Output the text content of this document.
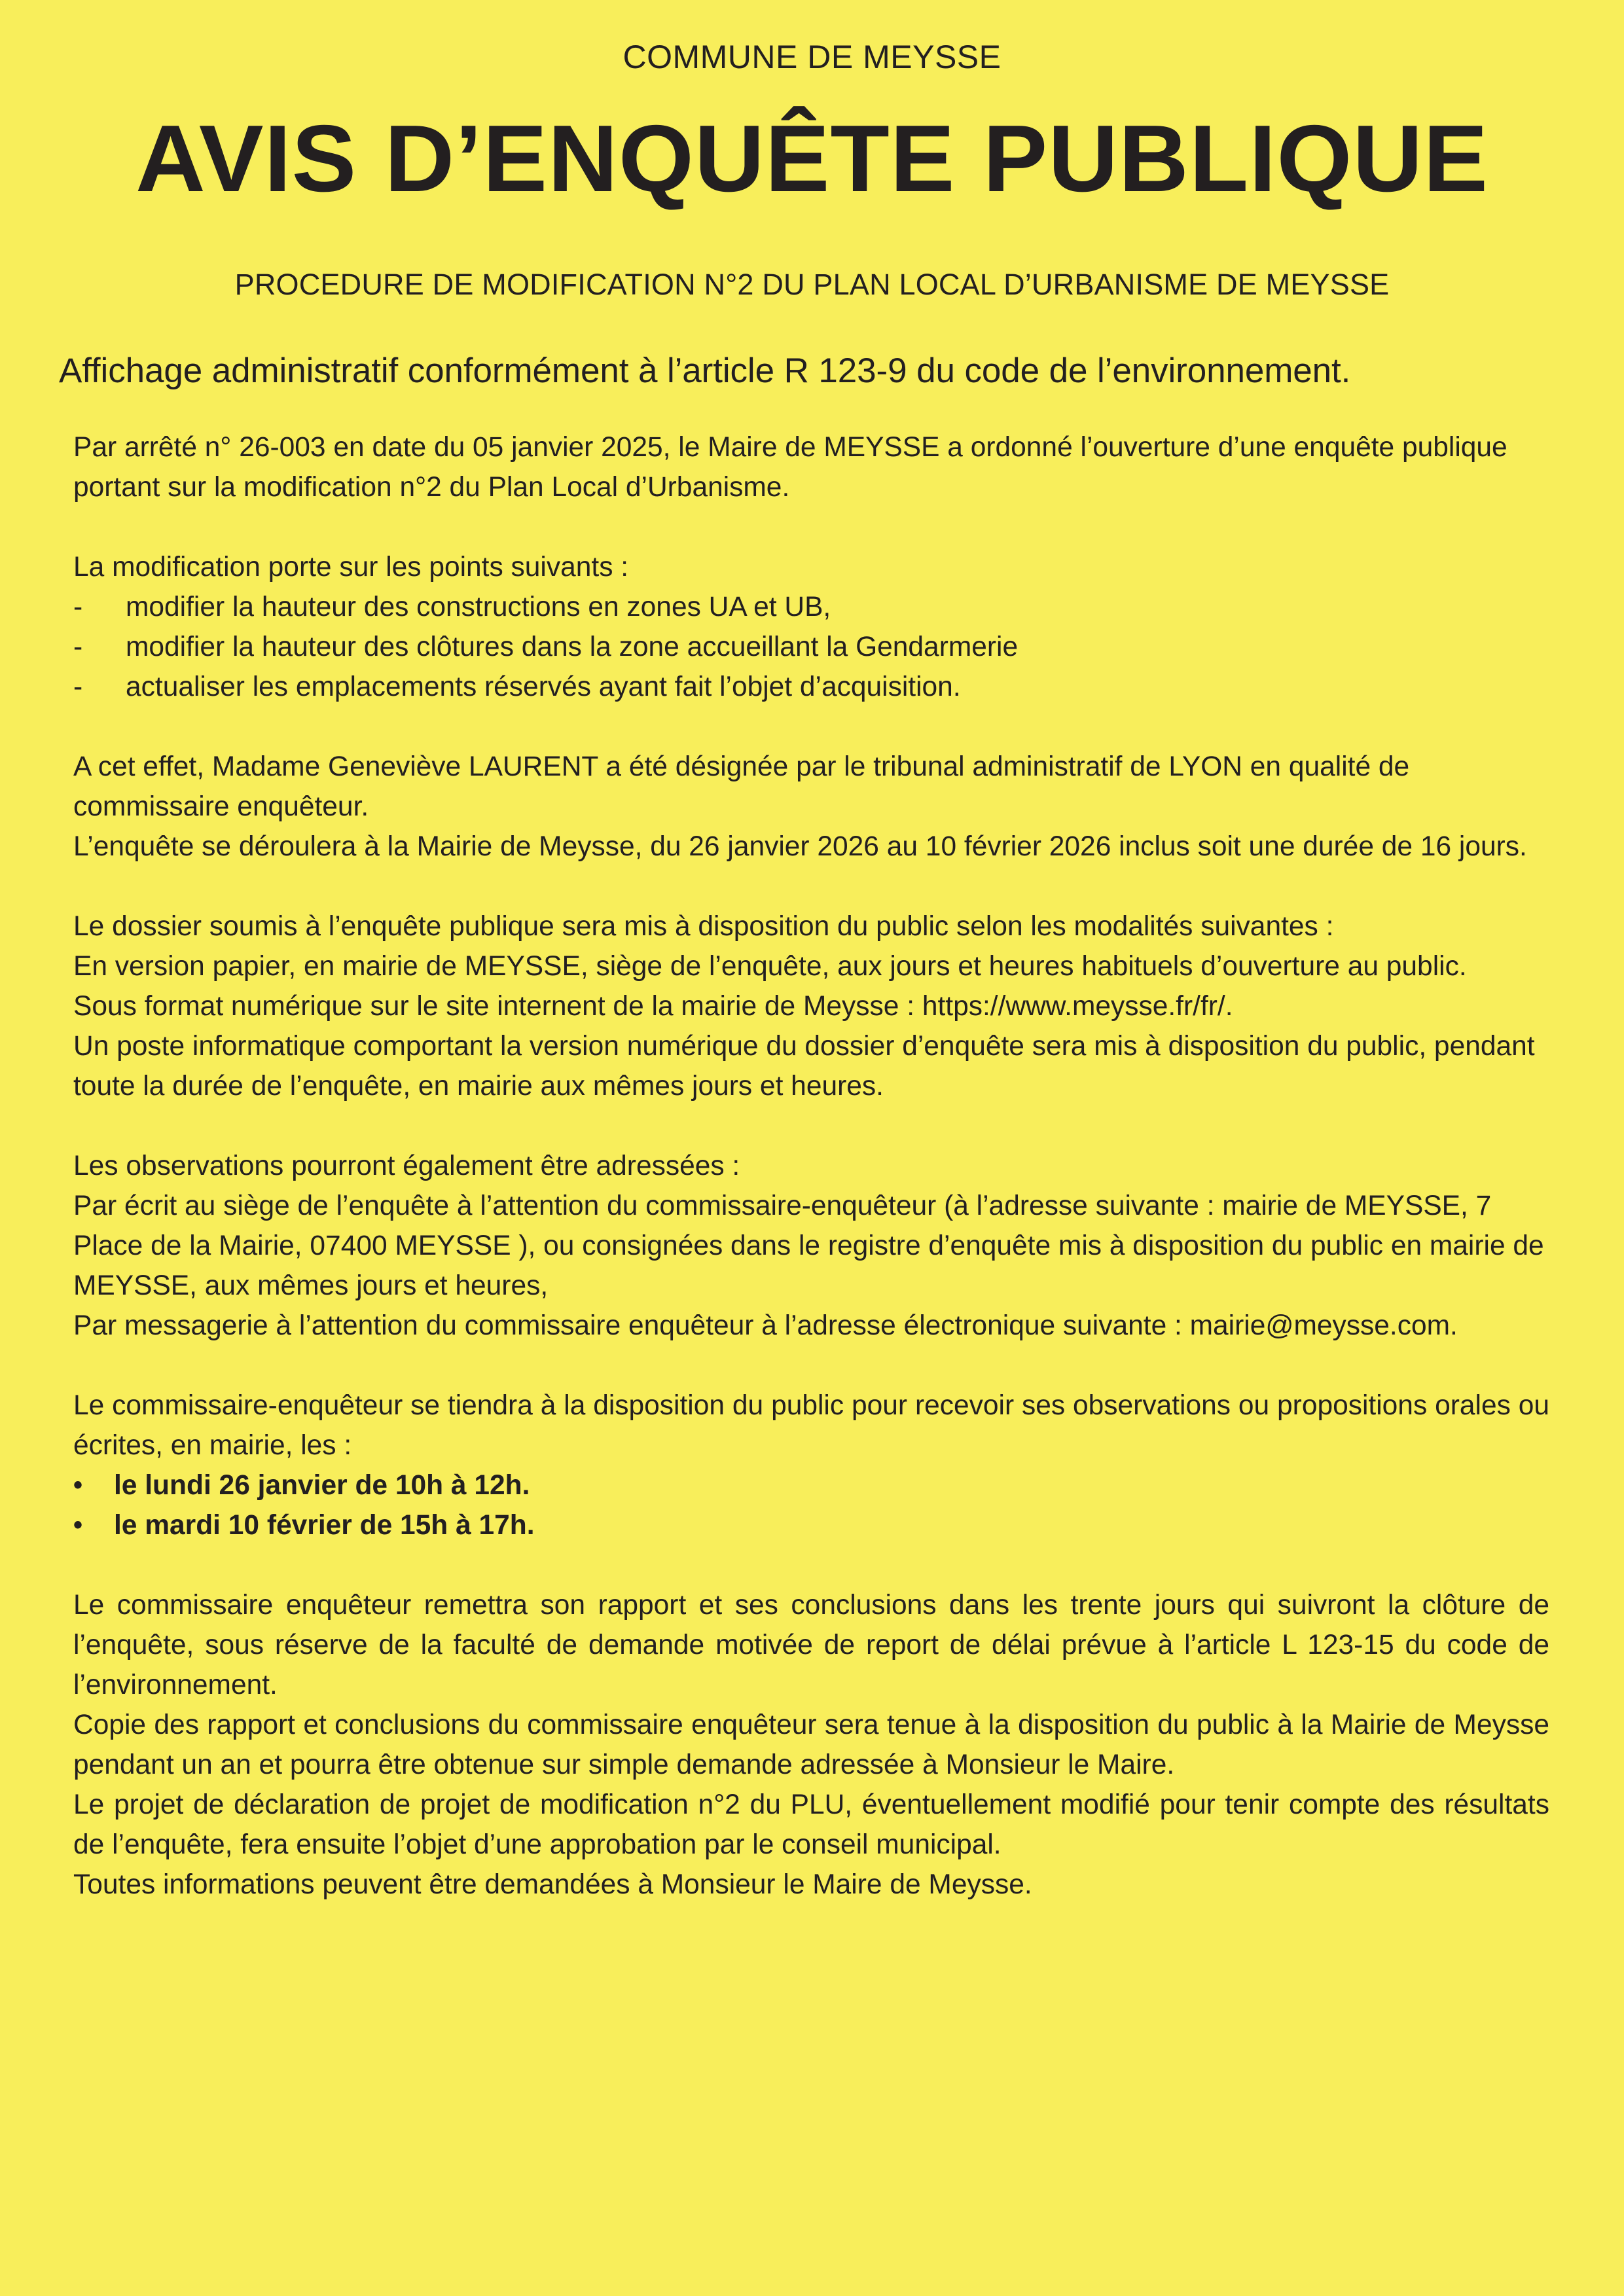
COMMUNE DE MEYSSE
AVIS D’ENQUÊTE PUBLIQUE
PROCEDURE DE MODIFICATION N°2 DU PLAN LOCAL D’URBANISME DE MEYSSE
Affichage administratif conformément à l’article R 123-9 du code de l’environnement.

Par arrêté n° 26-003 en date du 05 janvier 2025, le Maire de MEYSSE a ordonné l’ouverture d’une enquête publique portant sur la modification n°2 du Plan Local d’Urbanisme.

La modification porte sur les points suivants :

-	modifier la hauteur des constructions en zones UA et UB,
-	modifier la hauteur des clôtures dans la zone accueillant la Gendarmerie
-	actualiser les emplacements réservés ayant fait l’objet d’acquisition.

A cet effet, Madame Geneviève LAURENT a été désignée par le tribunal administratif de LYON en qualité de commissaire enquêteur.

L’enquête se déroulera à la Mairie de Meysse, du 26 janvier 2026 au 10 février 2026 inclus soit une durée de 16 jours.

Le dossier soumis à l’enquête publique sera mis à disposition du public selon les modalités suivantes :

En version papier, en mairie de MEYSSE, siège de l’enquête, aux jours et heures habituels d’ouverture au public.

Sous format numérique sur le site internent de la mairie de Meysse : https://www.meysse.fr/fr/.

Un poste informatique comportant la version numérique du dossier d’enquête sera mis à disposition du public, pendant toute la durée de l’enquête, en mairie aux mêmes jours et heures.

Les observations pourront également être adressées :

Par écrit au siège de l’enquête à l’attention du commissaire-enquêteur (à l’adresse suivante : mairie de MEYSSE, 7 Place de la Mairie, 07400 MEYSSE ), ou consignées dans le registre d’enquête mis à disposition du public en mairie de MEYSSE, aux mêmes jours et heures,

Par messagerie à l’attention du commissaire enquêteur à l’adresse électronique suivante : mairie@meysse.com.

Le commissaire-enquêteur se tiendra à la disposition du public pour recevoir ses observations ou propositions orales ou écrites, en mairie, les :

•	le lundi 26 janvier de 10h à 12h.
•	le mardi 10 février de 15h à 17h.

Le commissaire enquêteur remettra son rapport et ses conclusions dans les trente jours qui suivront la clôture de l’enquête, sous réserve de la faculté de demande motivée de report de délai prévue à l’article L 123-15 du code de l’environnement.

Copie des rapport et conclusions du commissaire enquêteur sera tenue à la disposition du public à la Mairie de Meysse pendant un an et pourra être obtenue sur simple demande adressée à Monsieur le Maire.

Le projet de déclaration de projet de modification n°2 du PLU, éventuellement modifié pour tenir compte des résultats de l’enquête, fera ensuite l’objet d’une approbation par le conseil municipal.

Toutes informations peuvent être demandées à Monsieur le Maire de Meysse.
